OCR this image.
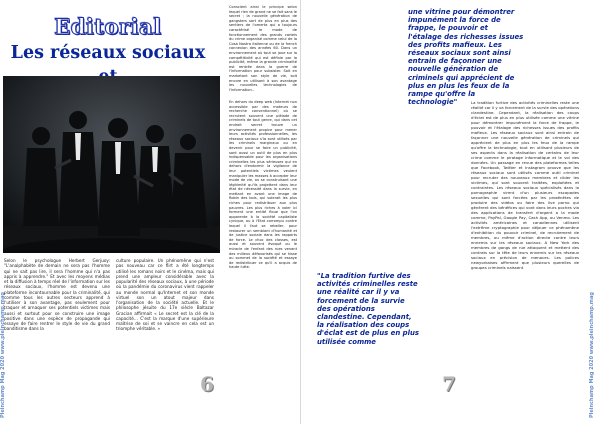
Pleinchamp Mag 2020 www.pleinchamp.mag
Editorial
Les réseaux sociaux

Selon le psychologue Herbert Gerjuoy: "L'analphabète de demain ne sera pas l'homme qui ne sait pas lire, il sera l'homme qui n'a pas appris à apprendre." Et avec les moyens médias et la diffusion à temps réel de l'information sur les réseaux sociaux, l'homme est devenu une plateforme incontournable pour la criminalité, qui comme tous les autres secteurs apprend à l'utiliser à son avantage, pas seulement pour traquer et arnaquer ses potentiels victimes mais aussi et surtout pour se construire une image positive dans une espèce de propagande qui essaye de faire rentrer le style de vie du grand banditisme dans la

culture populaire. Un phénomène qui n'est pas nouveau car ce flirt a été longtemps utilisé les romans noirs et le cinéma, mais qui prend une ampleur considérable avec la popularité des réseaux sociaux, à une période où la pandémie du coronavirus vient rappeler au monde normal qu'Internet et son monde virtuel son un atout majeur dans l'organisation de la société actuelle. Et le philosophe jésuite du 17e siècle Baltazar Gracian affirmait « Le secret est la clé de la capacité… C'est la marque d'une supérieure maîtrise de soi et se vaincre en cela est un triomphe véritable. »

Conscient ainsi le principe selon lequel rien de grand ne se fait sans le secret ; la nouvelle génération de gangsters sort de plus en plus des sentiers de l'omerta qui a toujours caractérisé le mode de fonctionnement des grands cartels du crime organisé comme celui de la Cosa Nostra italienne ou de la french connexion des années 60. Dans un environnement où tout se joue sur la compétitivité qui est définie par la publicité, même la grande criminalité est rentrée dans la guerre de l'information pour subsister. Soit en marketant son style de vie, soit encore en utilisant à son avantage les nouvelles technologies de l'information..

En dehors du deep web (Internet non accessible par des moteurs de recherche conventionnel) où se recrutent souvent une pléiade de criminels de tout genre, qui dans cet endroit secret trouve un environnement propice pour mener leurs activités professionnelles, les réseaux sociaux s'la sont utilisés par les criminels marginaux ou en devenir pour se faire un publicité, sont aussi un outil de plus en plus indispensable pour les organisations criminelles les plus sérieuses qui en dehors d'endormir la vigilance de leur potentiels victimes veulent manipuler les masses à accepter leur mode de vie, ou se construisant une légitimité qu'ils projettent dans leur état de nécessité dans la survie, en mettant en avant une image de Robin des bois, qui volerait les plus riches pour redistribuer aux plus pauvres. Les plus riches à voler ici forment une entité floue que l'on apparente à la société capitaliste cynique, ou à l'Etat corrompu contre lequel il faut se rebeller, pour restaurer un semblant d'humanité et de justice sociale dans les rapports de force. Le choc des classes, est aussi et souvent évoqué ou le miracle de l'enfant des rues venant des milieux défavorisés qui se hisse au sommet de la société et essaye de redistribuer ce qu'il a acquis de haute lutte.

6

une vitrine pour démontrer impunément la force de frappe, le pouvoir et l'étalage des richesses issues des profits mafieux. Les réseaux sociaux sont ainsi entrain de façonner une nouvelle génération de criminels qui apprécient de plus en plus les feux de la rampe qu'offre la technologie"

"La tradition furtive des activités criminelles reste une réalité car il y va forcement de la survie des opérations clandestine. Cependant, la réalisation des coups d'éclat est de plus en plus utilisée comme

La tradition furtive des activités criminelles reste une réalité car il y va forcement de la survie des opérations clandestine. Cependant, la réalisation des coups d'éclat est de plus en plus utilisée comme une vitrine pour démontrer impunément la force de frappe, le pouvoir et l'étalage des richesses issues des profits mafieux. Les réseaux sociaux sont ainsi entrain de façonner une nouvelle génération de criminels qui apprécient de plus en plus les feux de la rampe qu'offre la technologie, tout en utilisant plusieurs de ses aspects dans la réalisation de certains de leur crime comme le piratage informatique et le vol des données. Un passage en revue des plateformes telles que Facebook, Twitter et Instagram prouve que les réseaux sociaux sont utilisés comme outil criminel pour recruter des nouveaux membres et cibler les victimes, qui sont souvent traitées, exploitées et contraintes. Les réseaux sociaux spécialisés dans la pornographie virent d'un plusieurs escapades sexuelles qui sont forcées par les proxénètes de produire des vidéos ou faire des live porno qui génèrent des bénéfices qui vont dans leurs poches via des applications de transfert d'argent a la mode comme, PayPal, Google Pay, Cash App, ou Venmo. Les activités américaines et canadiennes utilisent l'extrême cryptographie pour déjouer ce phénomène d'exhibition du pouvoir criminel, de recrutement de membres, ou même d'action directe contre leurs ennemis sur les réseaux sociaux. A New York des membres de gangs de rue attaquent et mettent des contrats sur la tête de leurs ennemis sur les réseaux sociaux en précision de menaces. Les polices newyorkaises affirment que plusieurs querelles de groupes criminels naissent

7	Pleinchamp Mag 2020 www.pleinchamp.mag
